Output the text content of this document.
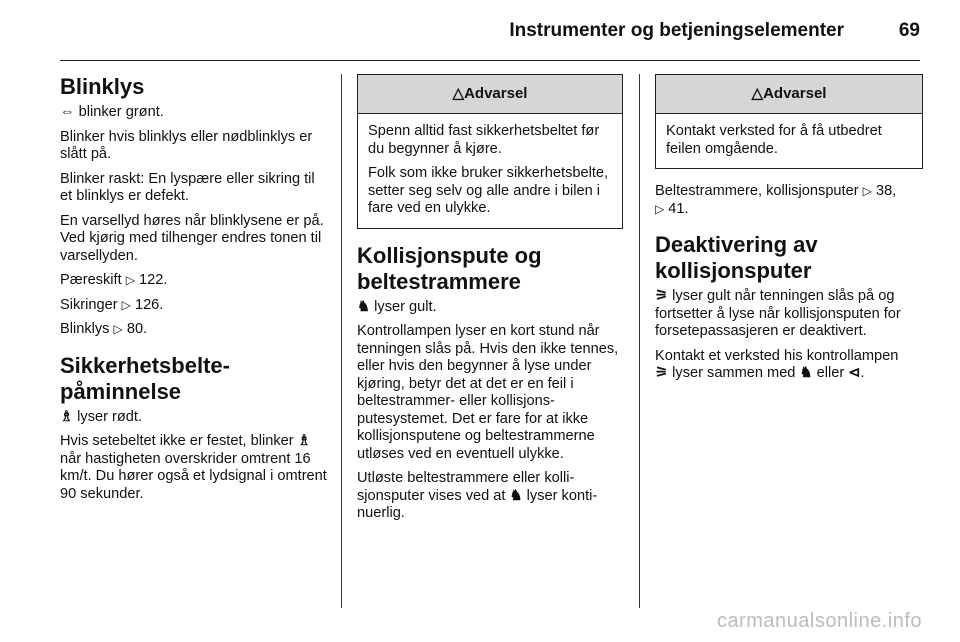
Instrumenter og betjeningselementer	69
Blinklys

⇔ blinker grønt.

Blinker hvis blinklys eller nødblinklys er slått på.

Blinker raskt: En lyspære eller sikring til et blinklys er defekt.

En varsellyd høres når blinklysene er på. Ved kjørig med tilhenger endres tonen til varsellyden.

Pæreskift ▷ 122.

Sikringer ▷ 126.

Blinklys ▷ 80.

Sikkerhetsbelte-
påminnelse

♗ lyser rødt.

Hvis setebeltet ikke er festet, blinker ♗ når hastigheten overskrider omtrent 16 km/t. Du hører også et lydsignal i omtrent 90 sekunder.

△Advarsel

Spenn alltid fast sikkerhetsbeltet før du begynner å kjøre.

Folk som ikke bruker sikkerhetsbelte, setter seg selv og alle andre i bilen i fare ved en ulykke.

Kollisjonspute og
beltestrammere

♞ lyser gult.

Kontrollampen lyser en kort stund når tenningen slås på. Hvis den ikke tennes, eller hvis den begynner å lyse under kjøring, betyr det at det er en feil i beltestrammer- eller kollisjonsputesystemet. Det er fare for at ikke kollisjonsputene og beltestrammerne utløses ved en eventuell ulykke.

Utløste beltestrammere eller kollisjonsputer vises ved at ♞ lyser kontinuerlig.

△Advarsel

Kontakt verksted for å få utbedret feilen omgående.

Beltestrammere, kollisjonsputer ▷ 38,
▷ 41.

Deaktivering av
kollisjonsputer

⚞ lyser gult når tenningen slås på og fortsetter å lyse når kollisjonsputen for forsetepassasjeren er deaktivert.

Kontakt et verksted his kontrollampen
⚞ lyser sammen med ♞ eller ⊲.

carmanualsonline.info
